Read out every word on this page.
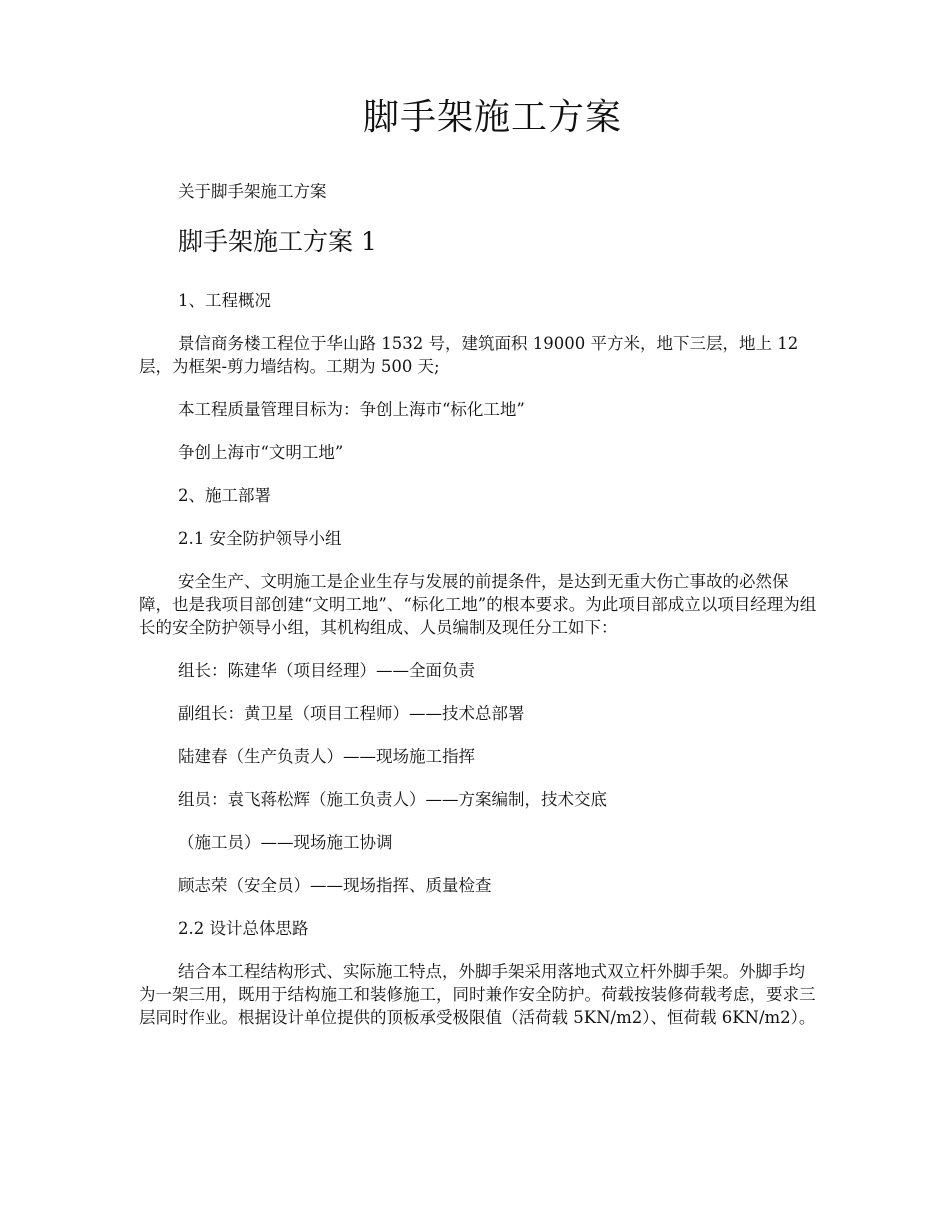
脚手架施工方案

关于脚手架施工方案

脚手架施工方案 1

1、工程概况

景信商务楼工程位于华山路 1532 号，建筑面积 19000 平方米，地下三层，地上 12 层，为框架-剪力墙结构。工期为 500 天;

本工程质量管理目标为：争创上海市“标化工地”

争创上海市“文明工地”

2、施工部署

2.1 安全防护领导小组

安全生产、文明施工是企业生存与发展的前提条件，是达到无重大伤亡事故的必然保障，也是我项目部创建“文明工地”、“标化工地”的根本要求。为此项目部成立以项目经理为组长的安全防护领导小组，其机构组成、人员编制及现任分工如下：

组长：陈建华（项目经理）——全面负责

副组长：黄卫星（项目工程师）——技术总部署

陆建春（生产负责人）——现场施工指挥

组员：袁飞蒋松辉（施工负责人）——方案编制，技术交底

（施工员）——现场施工协调

顾志荣（安全员）——现场指挥、质量检查

2.2 设计总体思路

结合本工程结构形式、实际施工特点，外脚手架采用落地式双立杆外脚手架。外脚手均为一架三用，既用于结构施工和装修施工，同时兼作安全防护。荷载按装修荷载考虑，要求三层同时作业。根据设计单位提供的顶板承受极限值（活荷载 5KN/m2）、恒荷载 6KN/m2）。
